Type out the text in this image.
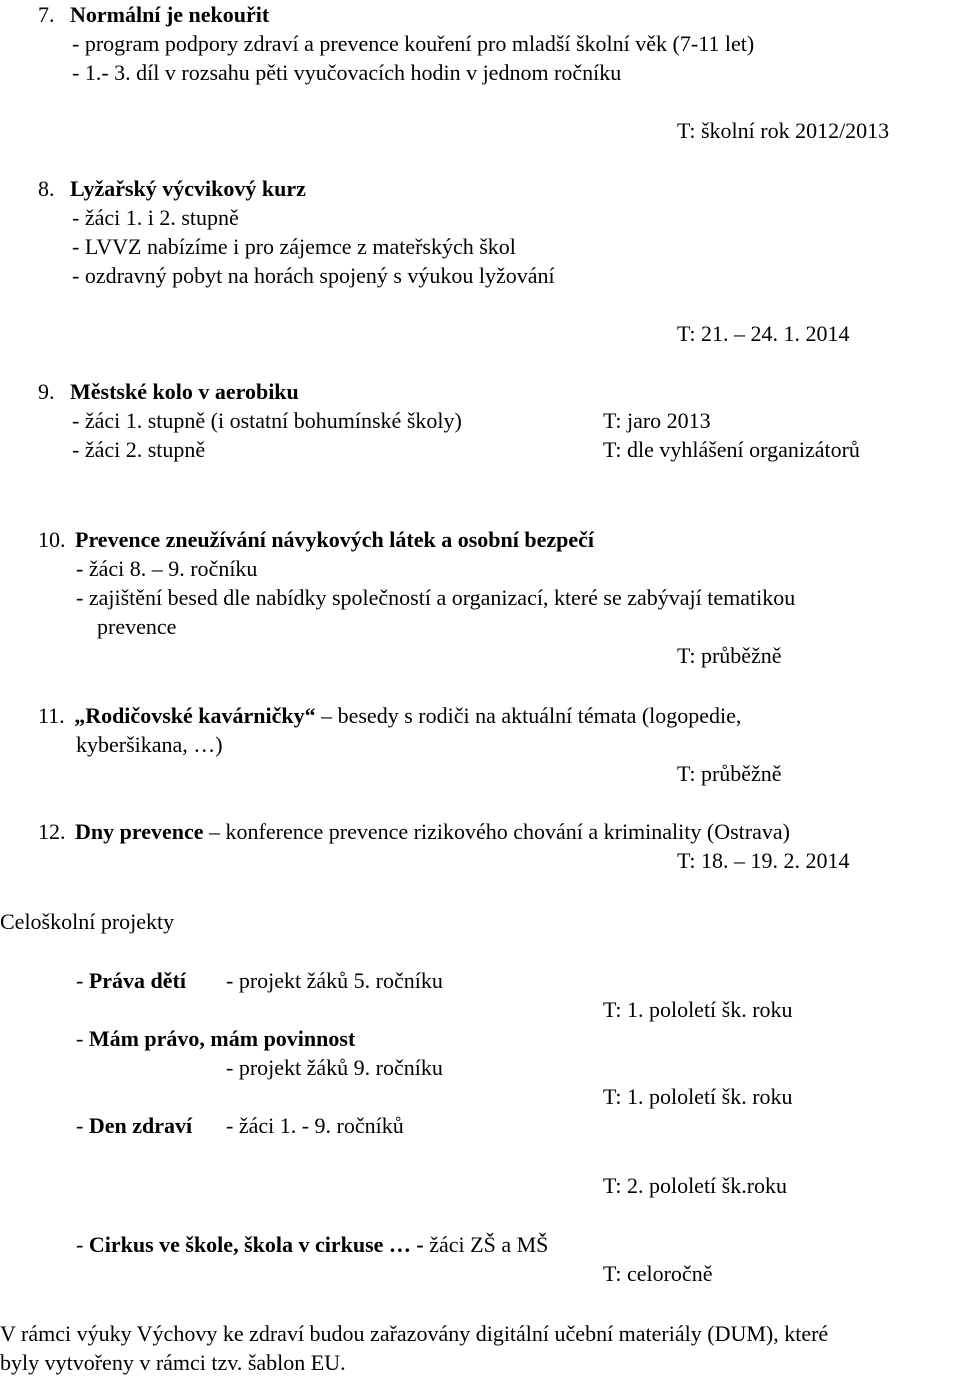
7. Normální je nekouřit
- program podpory zdraví a prevence kouření pro mladší školní věk (7-11 let)
- 1.- 3. díl v rozsahu pěti vyučovacích hodin v jednom ročníku
T: školní rok 2012/2013
8. Lyžařský výcvikový kurz
- žáci 1. i 2. stupně
- LVVZ nabízíme i pro zájemce z mateřských škol
- ozdravný pobyt na horách spojený s výukou lyžování
T: 21. – 24. 1. 2014
9. Městské kolo v aerobiku
- žáci 1. stupně (i ostatní bohumínské školy)	T: jaro 2013
- žáci 2. stupně	T: dle vyhlášení organizátorů
10. Prevence zneužívání návykových látek a osobní bezpečí
- žáci 8. – 9. ročníku
- zajištění besed dle nabídky společností a organizací, které se zabývají tematikou
prevence
T: průběžně
11. „Rodičovské kavárničky“ – besedy s rodiči na aktuální témata (logopedie,
kyberšikana, …)
T: průběžně
12. Dny prevence – konference prevence rizikového chování a kriminality (Ostrava)
T: 18. – 19. 2. 2014
Celoškolní projekty
- Práva dětí - projekt žáků 5. ročníku
T: 1. pololetí šk. roku
- Mám právo, mám povinnost
- projekt žáků 9. ročníku
T: 1. pololetí šk. roku
- Den zdraví - žáci 1. - 9. ročníků
T: 2. pololetí šk.roku
- Cirkus ve škole, škola v cirkuse … - žáci ZŠ a MŠ
T: celoročně
V rámci výuky Výchovy ke zdraví budou zařazovány digitální učební materiály (DUM), které
byly vytvořeny v rámci tzv. šablon EU.
